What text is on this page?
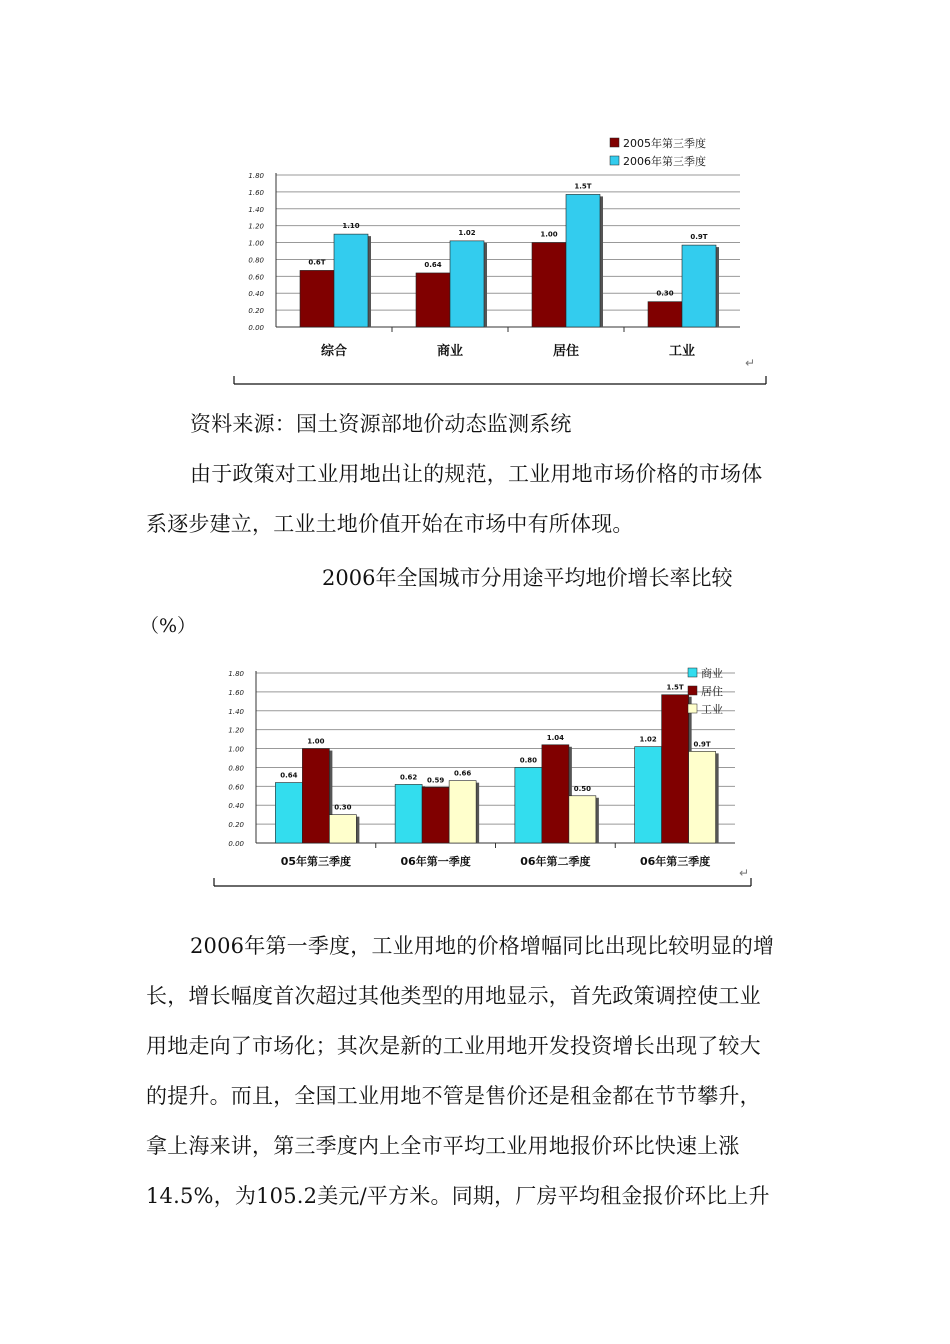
0.00
0.20
0.40
0.60
0.80
1.00
1.20
1.40
1.60
1.80
综合
0.6T
1.10
商业
0.64
1.02
居住
1.00
1.5T
工业
0.30
0.9T
2005年第三季度
2006年第三季度
↵
资料来源：国土资源部地价动态监测系统
由于政策对工业用地出让的规范，工业用地市场价格的市场体
系逐步建立，工业土地价值开始在市场中有所体现。
2006年全国城市分用途平均地价增长率比较
（%）
0.00
0.20
0.40
0.60
0.80
1.00
1.20
1.40
1.60
1.80
05年第三季度
0.64
1.00
0.30
06年第一季度
0.62 0.59
0.66
06年第二季度
0.80
1.04
0.50
06年第三季度
1.02
1.5T
0.9T
商业
居住
工业
↵
2006年第一季度，工业用地的价格增幅同比出现比较明显的增
长，增长幅度首次超过其他类型的用地显示，首先政策调控使工业
用地走向了市场化；其次是新的工业用地开发投资增长出现了较大
的提升。而且，全国工业用地不管是售价还是租金都在节节攀升，
拿上海来讲，第三季度内上全市平均工业用地报价环比快速上涨
14.5%，为105.2美元/平方米。同期，厂房平均租金报价环比上升
